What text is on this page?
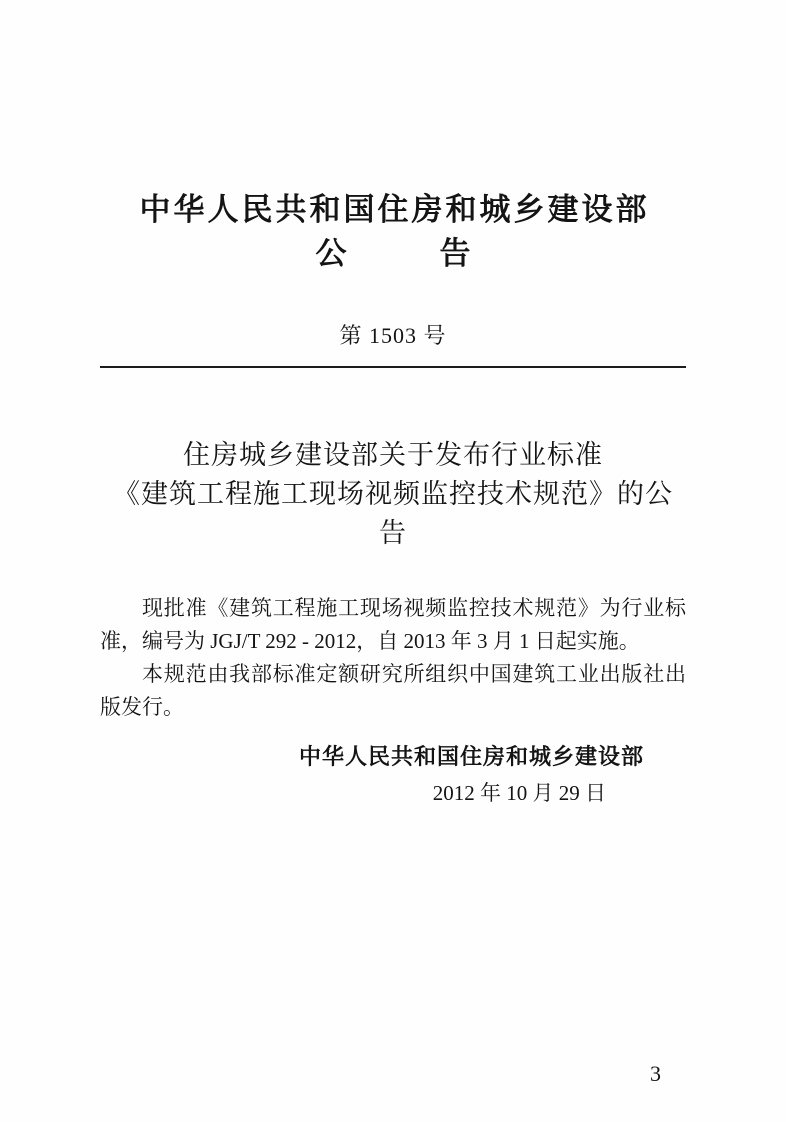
中华人民共和国住房和城乡建设部
公　　　告
第 1503 号
住房城乡建设部关于发布行业标准
《建筑工程施工现场视频监控技术规范》的公告

现批准《建筑工程施工现场视频监控技术规范》为行业标准，编号为 JGJ/T 292 - 2012，自 2013 年 3 月 1 日起实施。

本规范由我部标准定额研究所组织中国建筑工业出版社出版发行。

中华人民共和国住房和城乡建设部
2012 年 10 月 29 日
3
